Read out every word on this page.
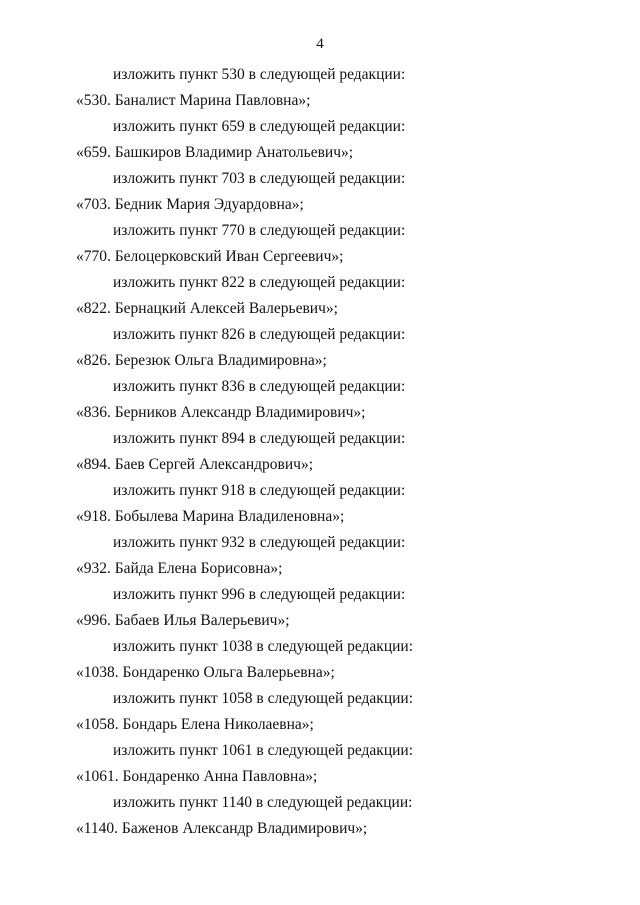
4
изложить пункт 530 в следующей редакции:
«530. Баналист Марина Павловна»;
изложить пункт 659 в следующей редакции:
«659. Башкиров Владимир Анатольевич»;
изложить пункт 703 в следующей редакции:
«703. Бедник Мария Эдуардовна»;
изложить пункт 770 в следующей редакции:
«770. Белоцерковский Иван Сергеевич»;
изложить пункт 822 в следующей редакции:
«822. Бернацкий Алексей Валерьевич»;
изложить пункт 826 в следующей редакции:
«826. Березюк Ольга Владимировна»;
изложить пункт 836 в следующей редакции:
«836. Берников Александр Владимирович»;
изложить пункт 894 в следующей редакции:
«894. Баев Сергей Александрович»;
изложить пункт 918 в следующей редакции:
«918. Бобылева Марина Владиленовна»;
изложить пункт 932 в следующей редакции:
«932. Байда Елена Борисовна»;
изложить пункт 996 в следующей редакции:
«996. Бабаев Илья Валерьевич»;
изложить пункт 1038 в следующей редакции:
«1038. Бондаренко Ольга Валерьевна»;
изложить пункт 1058 в следующей редакции:
«1058. Бондарь Елена Николаевна»;
изложить пункт 1061 в следующей редакции:
«1061. Бондаренко Анна Павловна»;
изложить пункт 1140 в следующей редакции:
«1140. Баженов Александр Владимирович»;
